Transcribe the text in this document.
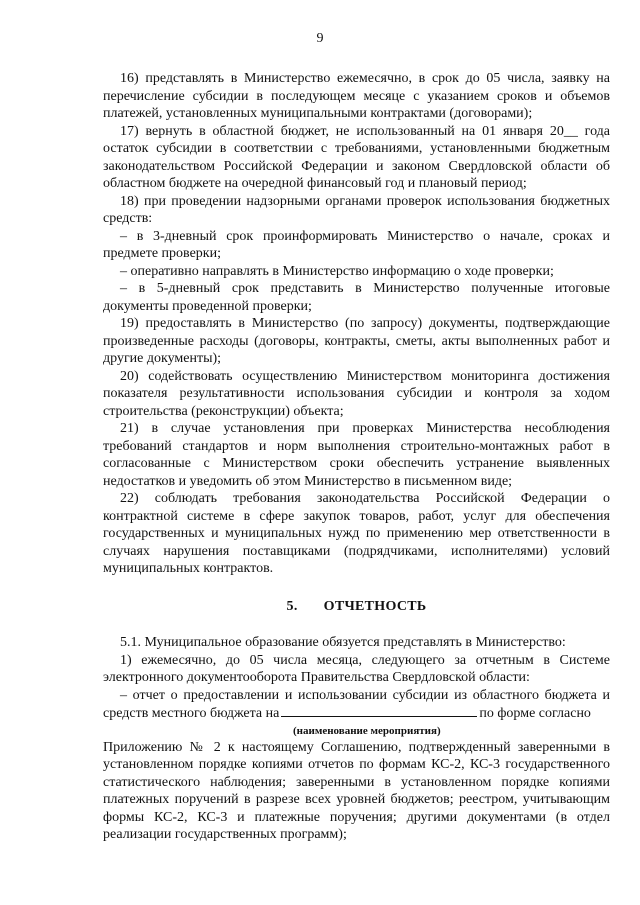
9

16) представлять в Министерство ежемесячно, в срок до 05 числа, заявку на перечисление субсидии в последующем месяце с указанием сроков и объемов платежей, установленных муниципальными контрактами (договорами);

17) вернуть в областной бюджет, не использованный на 01 января 20__ года остаток субсидии в соответствии с требованиями, установленными бюджетным законодательством Российской Федерации и законом Свердловской области об областном бюджете на очередной финансовый год и плановый период;

18) при проведении надзорными органами проверок использования бюджетных средств:

– в 3-дневный срок проинформировать Министерство о начале, сроках и предмете проверки;

– оперативно направлять в Министерство информацию о ходе проверки;

– в 5-дневный срок представить в Министерство полученные итоговые документы проведенной проверки;

19) предоставлять в Министерство (по запросу) документы, подтверждающие произведенные расходы (договоры, контракты, сметы, акты выполненных работ и другие документы);

20) содействовать осуществлению Министерством мониторинга достижения показателя результативности использования субсидии и контроля за ходом строительства (реконструкции) объекта;

21) в случае установления при проверках Министерства несоблюдения требований стандартов и норм выполнения строительно-монтажных работ в согласованные с Министерством сроки обеспечить устранение выявленных недостатков и уведомить об этом Министерство в письменном виде;

22) соблюдать требования законодательства Российской Федерации о контрактной системе в сфере закупок товаров, работ, услуг для обеспечения государственных и муниципальных нужд по применению мер ответственности в случаях нарушения поставщиками (подрядчиками, исполнителями) условий муниципальных контрактов.

5. ОТЧЕТНОСТЬ

5.1. Муниципальное образование обязуется представлять в Министерство:

1) ежемесячно, до 05 числа месяца, следующего за отчетным в Системе электронного документооборота Правительства Свердловской области:

– отчет о предоставлении и использовании субсидии из областного бюджета и средств местного бюджета на	по форме согласно

(наименование мероприятия)

Приложению № 2 к настоящему Соглашению, подтвержденный заверенными в установленном порядке копиями отчетов по формам КС-2, КС-3 государственного статистического наблюдения; заверенными в установленном порядке копиями платежных поручений в разрезе всех уровней бюджетов; реестром, учитывающим формы КС-2, КС-3 и платежные поручения; другими документами (в отдел реализации государственных программ);
